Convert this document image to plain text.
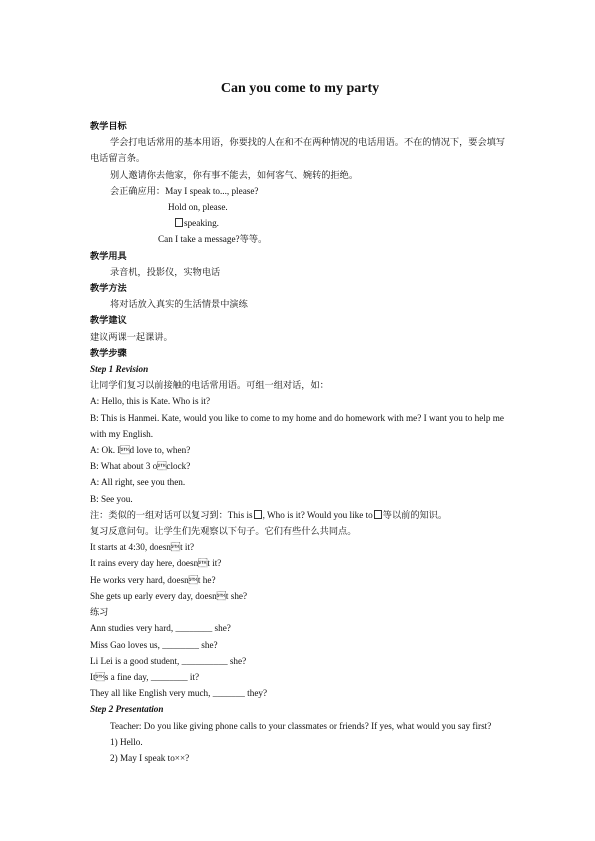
Can you come to my party
教学目标
学会打电话常用的基本用语，你要找的人在和不在两种情况的电话用语。不在的情况下，要会填写电话留言条。
别人邀请你去他家，你有事不能去，如何客气、婉转的拒绝。
会正确应用：May I speak to..., please?
Hold on, please.
speaking.
Can I take a message?等等。
教学用具
录音机，投影仪，实物电话
教学方法
将对话放入真实的生活情景中演练
教学建议
建议两课一起课讲。
教学步骤
Step 1 Revision
让同学们复习以前接触的电话常用语。可组一组对话，如：
A: Hello, this is Kate. Who is it?
B: This is Hanmei. Kate, would you like to come to my home and do homework with me? I want you to help me with my English.
A: Ok. Id love to, when?
B: What about 3 oclock?
A: All right, see you then.
B: See you.
注：类似的一组对话可以复习到：This is , Who is it? Would you like to 等以前的知识。
复习反意问句。让学生们先观察以下句子。它们有些什么共同点。
It starts at 4:30, doesnt it?
It rains every day here, doesnt it?
He works very hard, doesnt he?
She gets up early every day, doesnt she?
练习
Ann studies very hard, ________ she?
Miss Gao loves us, ________ she?
Li Lei is a good student, __________ she?
Its a fine day, ________ it?
They all like English very much, _______ they?
Step 2 Presentation
Teacher: Do you like giving phone calls to your classmates or friends? If yes, what would you say first?
1) Hello.
2) May I speak to××?
